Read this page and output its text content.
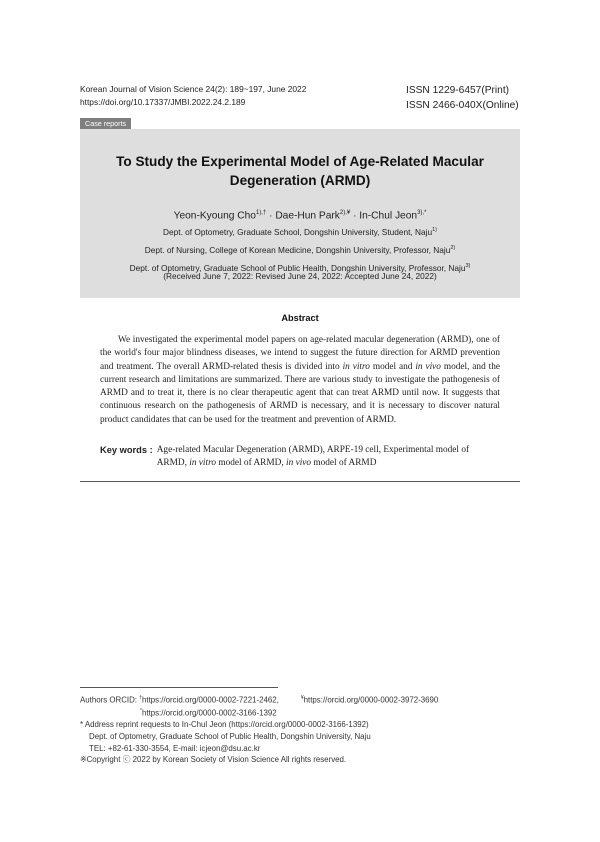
Korean Journal of Vision Science 24(2): 189~197, June 2022
https://doi.org/10.17337/JMBI.2022.24.2.189
ISSN 1229-6457(Print)
ISSN 2466-040X(Online)
Case reports
To Study the Experimental Model of Age-Related Macular
Degeneration (ARMD)
Yeon-Kyoung Cho$^{1),\dagger}$ · Dae-Hun Park$^{2),¥}$ · In-Chul Jeon$^{3),*}$
Dept. of Optometry, Graduate School, Dongshin University, Student, Naju$^{1)}$
Dept. of Nursing, College of Korean Medicine, Dongshin University, Professor, Naju$^{2)}$
Dept. of Optometry, Graduate School of Public Health, Dongshin University, Professor, Naju$^{3)}$
(Received June 7, 2022: Revised June 24, 2022: Accepted June 24, 2022)
Abstract
We investigated the experimental model papers on age-related macular degeneration (ARMD), one of the world's four major blindness diseases, we intend to suggest the future direction for ARMD prevention and treatment. The overall ARMD-related thesis is divided into in vitro model and in vivo model, and the current research and limitations are summarized. There are various study to investigate the pathogenesis of ARMD and to treat it, there is no clear therapeutic agent that can treat ARMD until now. It suggests that continuous research on the pathogenesis of ARMD is necessary, and it is necessary to discover natural product candidates that can be used for the treatment and prevention of ARMD.
Key words : Age-related Macular Degeneration (ARMD), ARPE-19 cell, Experimental model of ARMD, in vitro model of ARMD, in vivo model of ARMD
Authors ORCID: †https://orcid.org/0000-0002-7221-2462,	¥https://orcid.org/0000-0002-3972-3690
*https://orcid.org/0000-0002-3166-1392
* Address reprint requests to In-Chul Jeon (https://orcid.org/0000-0002-3166-1392)
Dept. of Optometry, Graduate School of Public Health, Dongshin University, Naju
TEL: +82-61-330-3554, E-mail: icjeon@dsu.ac.kr
※Copyright ⓒ 2022 by Korean Society of Vision Science All rights reserved.
